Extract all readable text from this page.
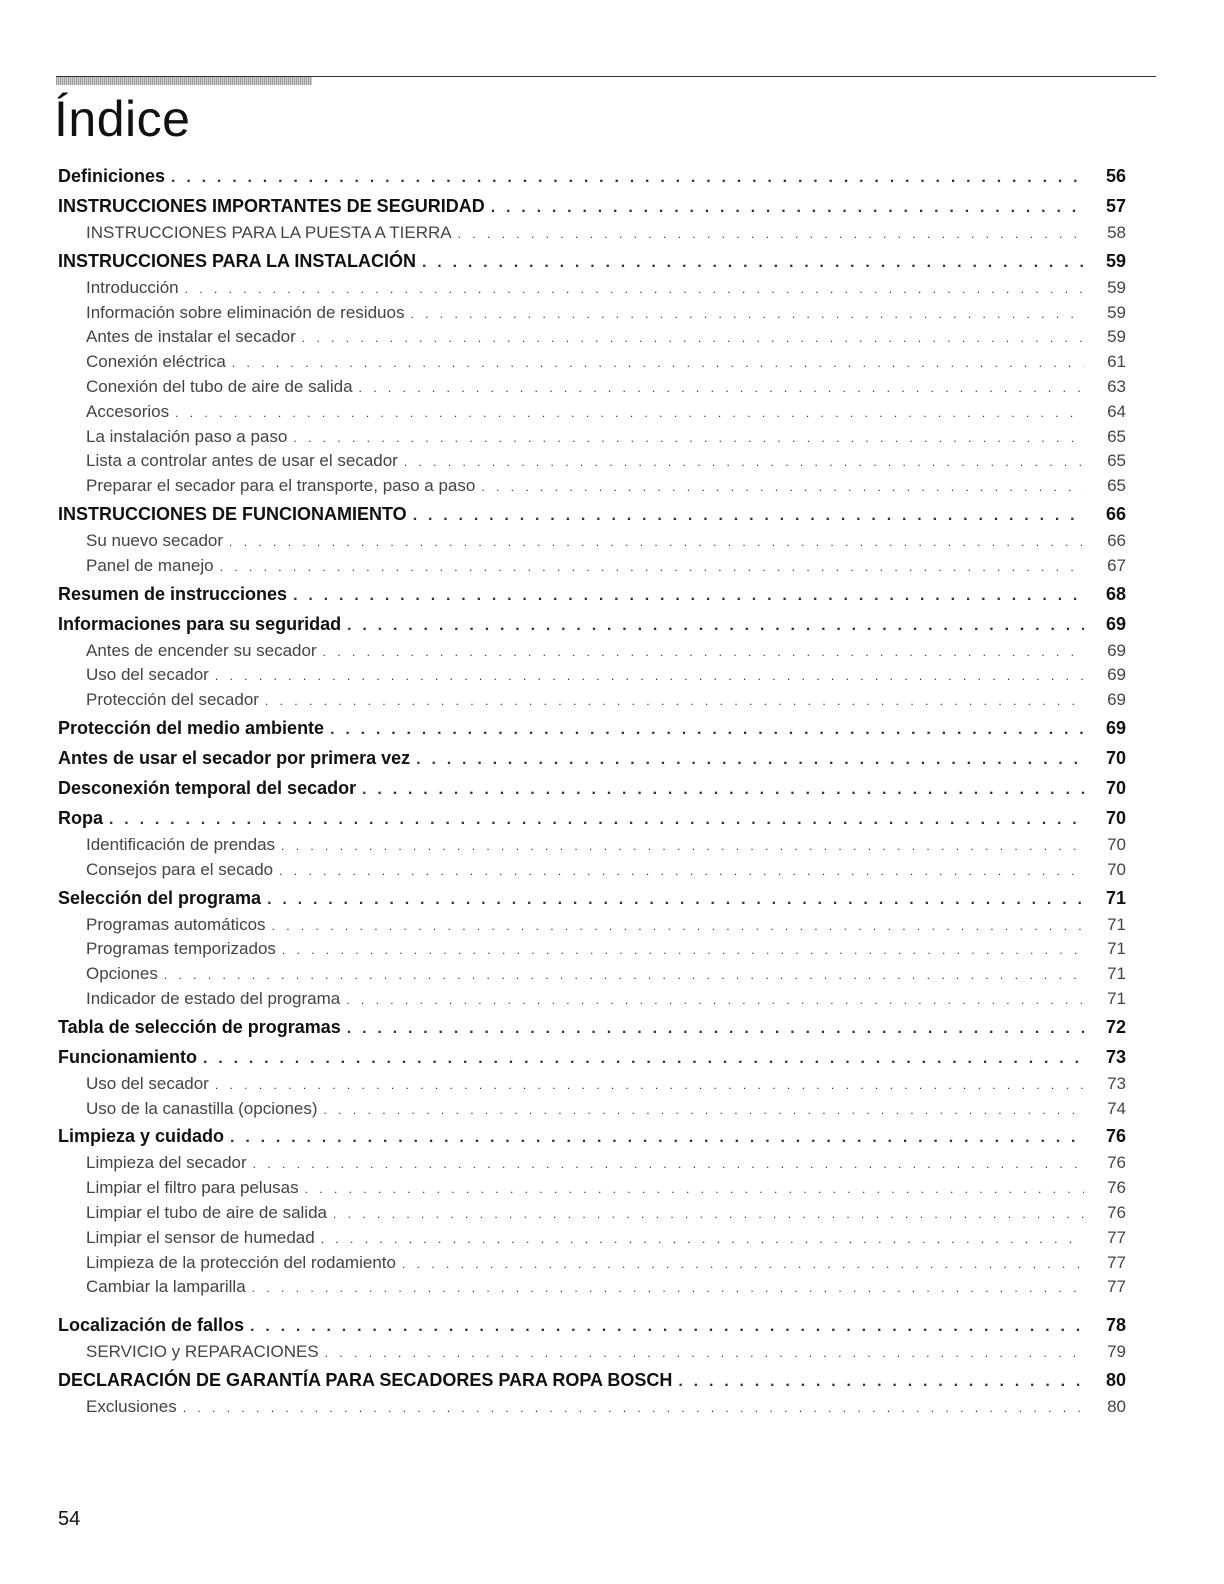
Índice
Definiciones . . .	56
INSTRUCCIONES IMPORTANTES DE SEGURIDAD . . .	57
INSTRUCCIONES PARA LA PUESTA A TIERRA . . .	58
INSTRUCCIONES PARA LA INSTALACIÓN . . .	59
Introducción . . .	59
Información sobre eliminación de residuos . . .	59
Antes de instalar el secador . . .	59
Conexión eléctrica . . .	61
Conexión del tubo de aire de salida . . .	63
Accesorios . . .	64
La instalación paso a paso . . .	65
Lista a controlar antes de usar el secador . . .	65
Preparar el secador para el transporte, paso a paso . . .	65
INSTRUCCIONES DE FUNCIONAMIENTO . . .	66
Su nuevo secador . . .	66
Panel de manejo . . .	67
Resumen de instrucciones . . .	68
Informaciones para su seguridad . . .	69
Antes de encender su secador . . .	69
Uso del secador . . .	69
Protección del secador . . .	69
Protección del medio ambiente . . .	69
Antes de usar el secador por primera vez . . .	70
Desconexión temporal del secador . . .	70
Ropa . . .	70
Identificación de prendas . . .	70
Consejos para el secado . . .	70
Selección del programa . . .	71
Programas automáticos . . .	71
Programas temporizados . . .	71
Opciones . . .	71
Indicador de estado del programa . . .	71
Tabla de selección de programas . . .	72
Funcionamiento . . .	73
Uso del secador . . .	73
Uso de la canastilla (opciones) . . .	74
Limpieza y cuidado . . .	76
Limpieza del secador . . .	76
Limpiar el filtro para pelusas . . .	76
Limpiar el tubo de aire de salida . . .	76
Limpiar el sensor de humedad . . .	77
Limpieza de la protección del rodamiento . . .	77
Cambiar la lamparilla . . .	77
Localización de fallos . . .	78
SERVICIO y REPARACIONES . . .	79
DECLARACIÓN DE GARANTÍA PARA SECADORES PARA ROPA BOSCH . . .	80
Exclusiones . . .	80
54
